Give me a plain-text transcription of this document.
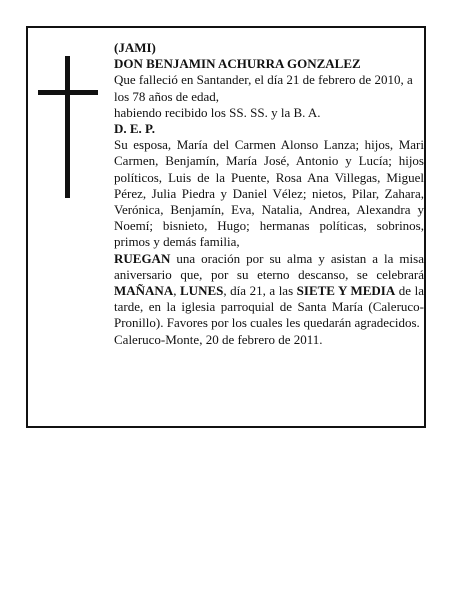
(JAMI)

DON BENJAMIN ACHURRA GONZALEZ

Que falleció en Santander, el día 21 de febrero de 2010, a los 78 años de edad,

habiendo recibido los SS. SS. y la B. A.

D. E. P.

Su esposa, María del Carmen Alonso Lanza; hijos, Mari Carmen, Benjamín, María José, Antonio y Lucía; hijos políticos, Luis de la Puente, Rosa Ana Villegas, Miguel Pérez, Julia Piedra y Daniel Vélez; nietos, Pilar, Zahara, Verónica, Benjamín, Eva, Natalia, Andrea, Alexandra y Noemí; bisnieto, Hugo; hermanas políticas, sobrinos, primos y demás familia,

RUEGAN una oración por su alma y asistan a la misa aniversario que, por su eterno descanso, se celebrará MAÑANA, LUNES, día 21, a las SIETE Y MEDIA de la tarde, en la iglesia parroquial de Santa María (Caleruco-Pronillo). Favores por los cuales les quedarán agradecidos.

Caleruco-Monte, 20 de febrero de 2011.
